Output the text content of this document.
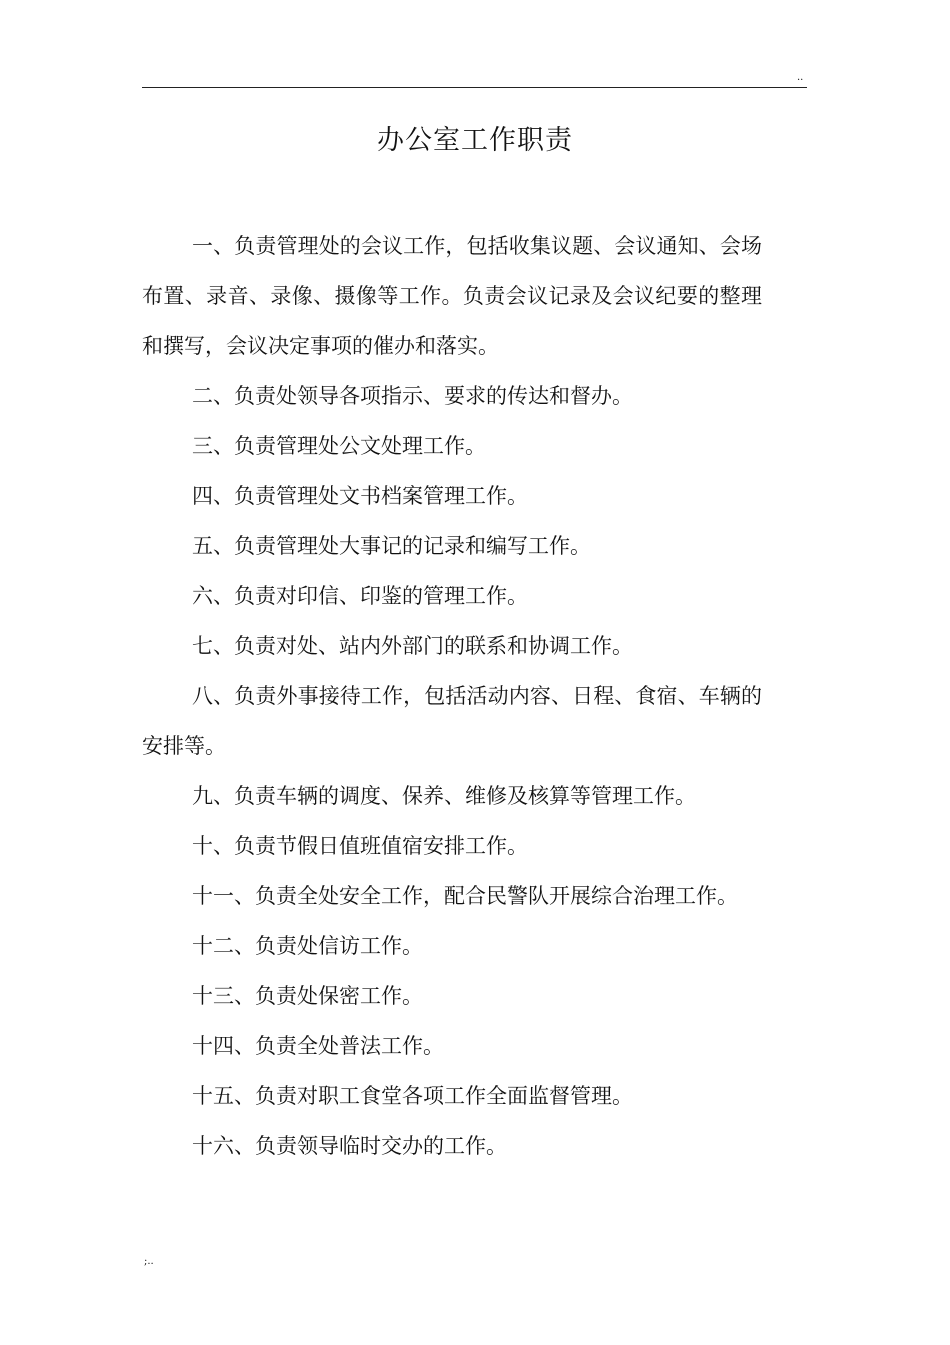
..
办公室工作职责

一、负责管理处的会议工作，包括收集议题、会议通知、会场布置、录音、录像、摄像等工作。负责会议记录及会议纪要的整理和撰写，会议决定事项的催办和落实。

二、负责处领导各项指示、要求的传达和督办。

三、负责管理处公文处理工作。

四、负责管理处文书档案管理工作。

五、负责管理处大事记的记录和编写工作。

六、负责对印信、印鉴的管理工作。

七、负责对处、站内外部门的联系和协调工作。

八、负责外事接待工作，包括活动内容、日程、食宿、车辆的安排等。

九、负责车辆的调度、保养、维修及核算等管理工作。

十、负责节假日值班值宿安排工作。

十一、负责全处安全工作，配合民警队开展综合治理工作。

十二、负责处信访工作。

十三、负责处保密工作。

十四、负责全处普法工作。

十五、负责对职工食堂各项工作全面监督管理。

十六、负责领导临时交办的工作。

;..
